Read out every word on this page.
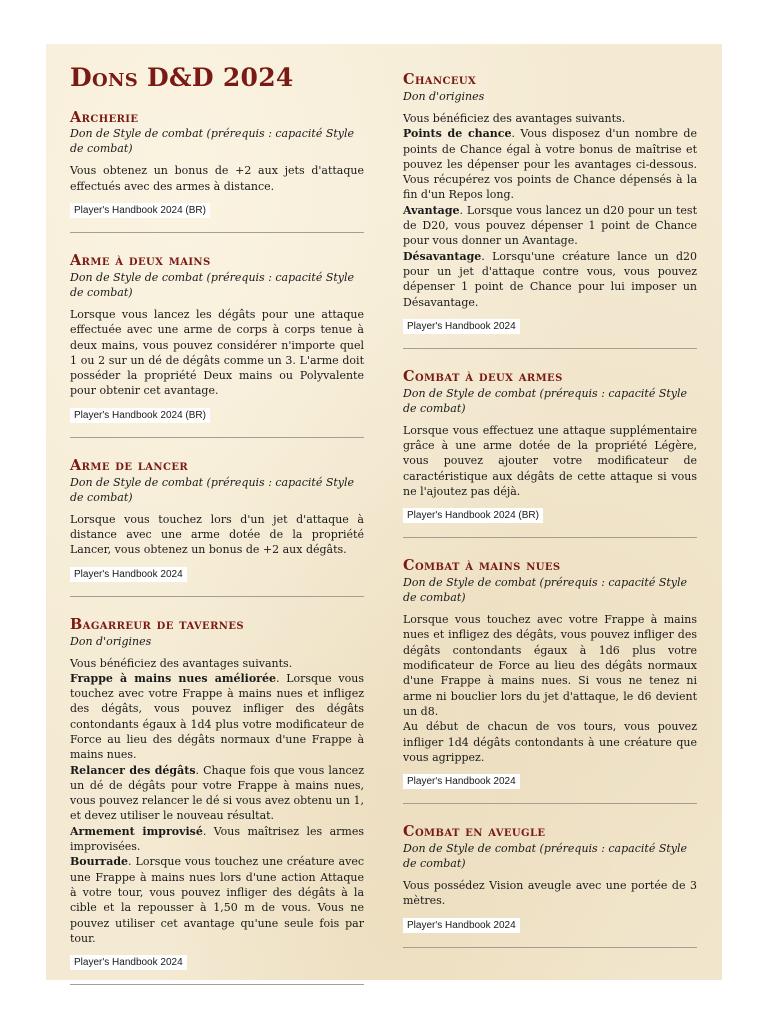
Dons D&D 2024
Archerie
Don de Style de combat (prérequis : capacité Style de combat)

Vous obtenez un bonus de +2 aux jets d'attaque effectués avec des armes à distance.

Player's Handbook 2024 (BR)
Arme à deux mains
Don de Style de combat (prérequis : capacité Style de combat)

Lorsque vous lancez les dégâts pour une attaque effectuée avec une arme de corps à corps tenue à deux mains, vous pouvez considérer n'importe quel 1 ou 2 sur un dé de dégâts comme un 3. L'arme doit posséder la propriété Deux mains ou Polyvalente pour obtenir cet avantage.

Player's Handbook 2024 (BR)
Arme de lancer
Don de Style de combat (prérequis : capacité Style de combat)

Lorsque vous touchez lors d'un jet d'attaque à distance avec une arme dotée de la propriété Lancer, vous obtenez un bonus de +2 aux dégâts.

Player's Handbook 2024
Bagarreur de tavernes
Don d'origines

Vous bénéficiez des avantages suivants.

Frappe à mains nues améliorée. Lorsque vous touchez avec votre Frappe à mains nues et infligez des dégâts, vous pouvez infliger des dégâts contondants égaux à 1d4 plus votre modificateur de Force au lieu des dégâts normaux d'une Frappe à mains nues.

Relancer des dégâts. Chaque fois que vous lancez un dé de dégâts pour votre Frappe à mains nues, vous pouvez relancer le dé si vous avez obtenu un 1, et devez utiliser le nouveau résultat.

Armement improvisé. Vous maîtrisez les armes improvisées.

Bourrade. Lorsque vous touchez une créature avec une Frappe à mains nues lors d'une action Attaque à votre tour, vous pouvez infliger des dégâts à la cible et la repousser à 1,50 m de vous. Vous ne pouvez utiliser cet avantage qu'une seule fois par tour.

Player's Handbook 2024
Chanceux
Don d'origines

Vous bénéficiez des avantages suivants.

Points de chance. Vous disposez d'un nombre de points de Chance égal à votre bonus de maîtrise et pouvez les dépenser pour les avantages ci-dessous. Vous récupérez vos points de Chance dépensés à la fin d'un Repos long.

Avantage. Lorsque vous lancez un d20 pour un test de D20, vous pouvez dépenser 1 point de Chance pour vous donner un Avantage.

Désavantage. Lorsqu'une créature lance un d20 pour un jet d'attaque contre vous, vous pouvez dépenser 1 point de Chance pour lui imposer un Désavantage.

Player's Handbook 2024
Combat à deux armes
Don de Style de combat (prérequis : capacité Style de combat)

Lorsque vous effectuez une attaque supplémentaire grâce à une arme dotée de la propriété Légère, vous pouvez ajouter votre modificateur de caractéristique aux dégâts de cette attaque si vous ne l'ajoutez pas déjà.

Player's Handbook 2024 (BR)
Combat à mains nues
Don de Style de combat (prérequis : capacité Style de combat)

Lorsque vous touchez avec votre Frappe à mains nues et infligez des dégâts, vous pouvez infliger des dégâts contondants égaux à 1d6 plus votre modificateur de Force au lieu des dégâts normaux d'une Frappe à mains nues. Si vous ne tenez ni arme ni bouclier lors du jet d'attaque, le d6 devient un d8.

Au début de chacun de vos tours, vous pouvez infliger 1d4 dégâts contondants à une créature que vous agrippez.

Player's Handbook 2024
Combat en aveugle
Don de Style de combat (prérequis : capacité Style de combat)

Vous possédez Vision aveugle avec une portée de 3 mètres.

Player's Handbook 2024
